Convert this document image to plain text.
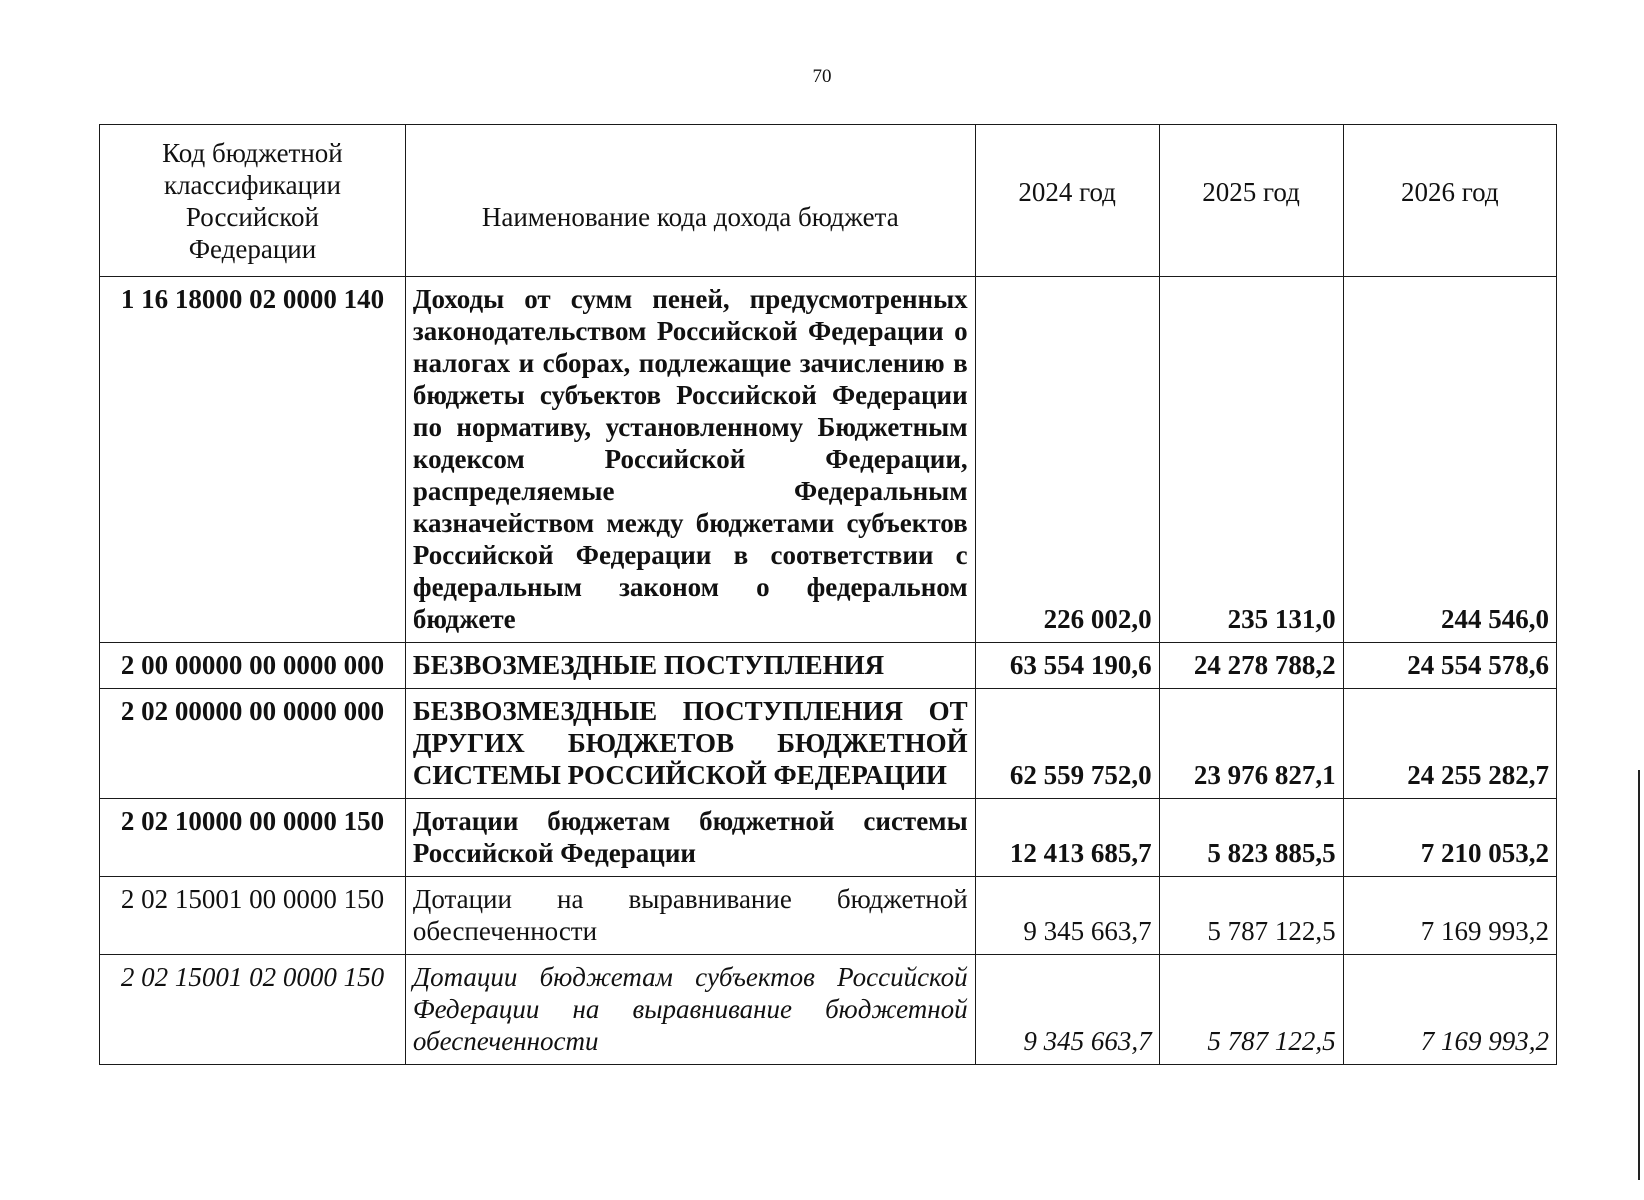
70
Код бюджетной классификации Российской Федерации	Наименование кода дохода бюджета	2024 год	2025 год	2026 год
1 16 18000 02 0000 140	Доходы от сумм пеней, предусмотренных законодательством Российской Федерации о налогах и сборах, подлежащие зачислению в бюджеты субъектов Российской Федерации по нормативу, установленному Бюджетным кодексом Российской Федерации, распределяемые Федеральным казначейством между бюджетами субъектов Российской Федерации в соответствии с федеральным законом о федеральном бюджете	226 002,0	235 131,0	244 546,0
2 00 00000 00 0000 000	БЕЗВОЗМЕЗДНЫЕ ПОСТУПЛЕНИЯ	63 554 190,6	24 278 788,2	24 554 578,6
2 02 00000 00 0000 000	БЕЗВОЗМЕЗДНЫЕ ПОСТУПЛЕНИЯ ОТ ДРУГИХ БЮДЖЕТОВ БЮДЖЕТНОЙ СИСТЕМЫ РОССИЙСКОЙ ФЕДЕРАЦИИ	62 559 752,0	23 976 827,1	24 255 282,7
2 02 10000 00 0000 150	Дотации бюджетам бюджетной системы Российской Федерации	12 413 685,7	5 823 885,5	7 210 053,2
2 02 15001 00 0000 150	Дотации на выравнивание бюджетной обеспеченности	9 345 663,7	5 787 122,5	7 169 993,2
2 02 15001 02 0000 150	Дотации бюджетам субъектов Российской Федерации на выравнивание бюджетной обеспеченности	9 345 663,7	5 787 122,5	7 169 993,2
